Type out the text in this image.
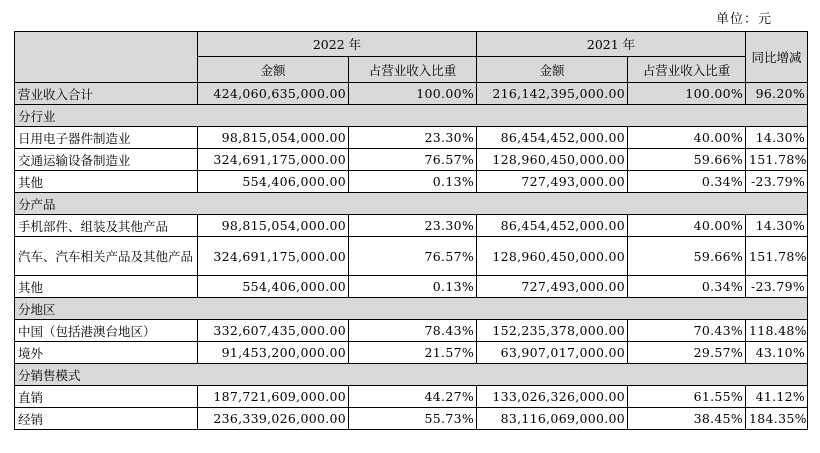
单位：元
	2022 年		2021 年		同比增减
	金额	占营业收入比重	金额	占营业收入比重	
营业收入合计	424,060,635,000.00	100.00%	216,142,395,000.00	100.00%	96.20%
分行业					
日用电子器件制造业	98,815,054,000.00	23.30%	86,454,452,000.00	40.00%	14.30%
交通运输设备制造业	324,691,175,000.00	76.57%	128,960,450,000.00	59.66%	151.78%
其他	554,406,000.00	0.13%	727,493,000.00	0.34%	-23.79%
分产品					
手机部件、组装及其他产品	98,815,054,000.00	23.30%	86,454,452,000.00	40.00%	14.30%
汽车、汽车相关产品及其他产品	324,691,175,000.00	76.57%	128,960,450,000.00	59.66%	151.78%
其他	554,406,000.00	0.13%	727,493,000.00	0.34%	-23.79%
分地区					
中国（包括港澳台地区）	332,607,435,000.00	78.43%	152,235,378,000.00	70.43%	118.48%
境外	91,453,200,000.00	21.57%	63,907,017,000.00	29.57%	43.10%
分销售模式					
直销	187,721,609,000.00	44.27%	133,026,326,000.00	61.55%	41.12%
经销	236,339,026,000.00	55.73%	83,116,069,000.00	38.45%	184.35%
